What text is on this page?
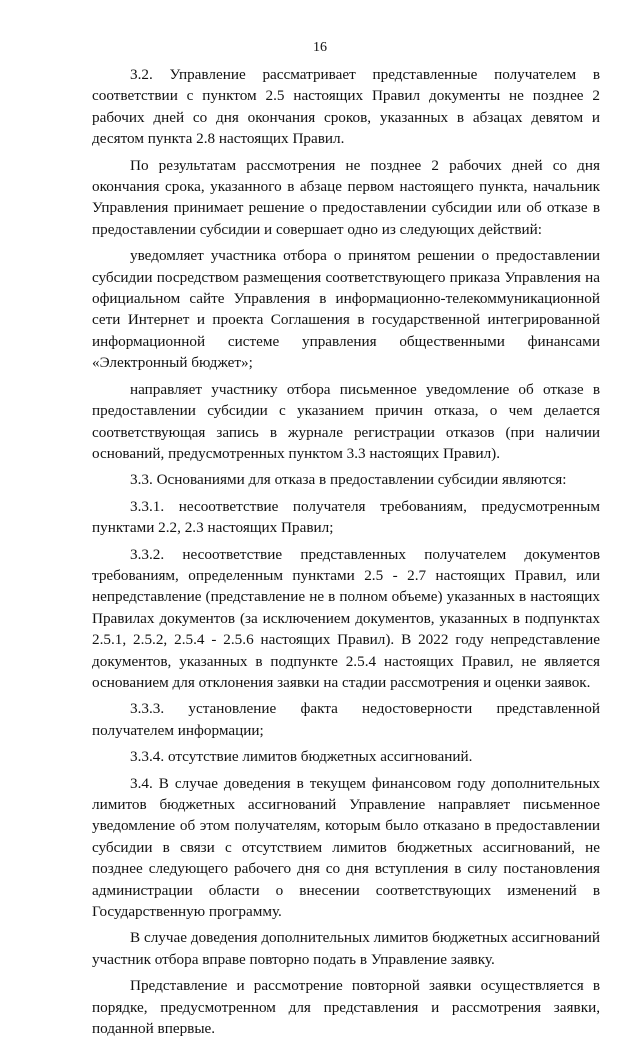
16

3.2. Управление рассматривает представленные получателем в соответствии с пунктом 2.5 настоящих Правил документы не позднее 2 рабочих дней со дня окончания сроков, указанных в абзацах девятом и десятом пункта 2.8 настоящих Правил.

По результатам рассмотрения не позднее 2 рабочих дней со дня окончания срока, указанного в абзаце первом настоящего пункта, начальник Управления принимает решение о предоставлении субсидии или об отказе в предоставлении субсидии и совершает одно из следующих действий:

уведомляет участника отбора о принятом решении о предоставлении субсидии посредством размещения соответствующего приказа Управления на официальном сайте Управления в информационно-телекоммуникационной сети Интернет и проекта Соглашения в государственной интегрированной информационной системе управления общественными финансами «Электронный бюджет»;

направляет участнику отбора письменное уведомление об отказе в предоставлении субсидии с указанием причин отказа, о чем делается соответствующая запись в журнале регистрации отказов (при наличии оснований, предусмотренных пунктом 3.3 настоящих Правил).

3.3. Основаниями для отказа в предоставлении субсидии являются:

3.3.1. несоответствие получателя требованиям, предусмотренным пунктами 2.2, 2.3 настоящих Правил;

3.3.2. несоответствие представленных получателем документов требованиям, определенным пунктами 2.5 - 2.7 настоящих Правил, или непредставление (представление не в полном объеме) указанных в настоящих Правилах документов (за исключением документов, указанных в подпунктах 2.5.1, 2.5.2, 2.5.4 - 2.5.6 настоящих Правил). В 2022 году непредставление документов, указанных в подпункте 2.5.4 настоящих Правил, не является основанием для отклонения заявки на стадии рассмотрения и оценки заявок.

3.3.3. установление факта недостоверности представленной получателем информации;

3.3.4. отсутствие лимитов бюджетных ассигнований.

3.4. В случае доведения в текущем финансовом году дополнительных лимитов бюджетных ассигнований Управление направляет письменное уведомление об этом получателям, которым было отказано в предоставлении субсидии в связи с отсутствием лимитов бюджетных ассигнований, не позднее следующего рабочего дня со дня вступления в силу постановления администрации области о внесении соответствующих изменений в Государственную программу.

В случае доведения дополнительных лимитов бюджетных ассигнований участник отбора вправе повторно подать в Управление заявку.

Представление и рассмотрение повторной заявки осуществляется в порядке, предусмотренном для представления и рассмотрения заявки, поданной впервые.
